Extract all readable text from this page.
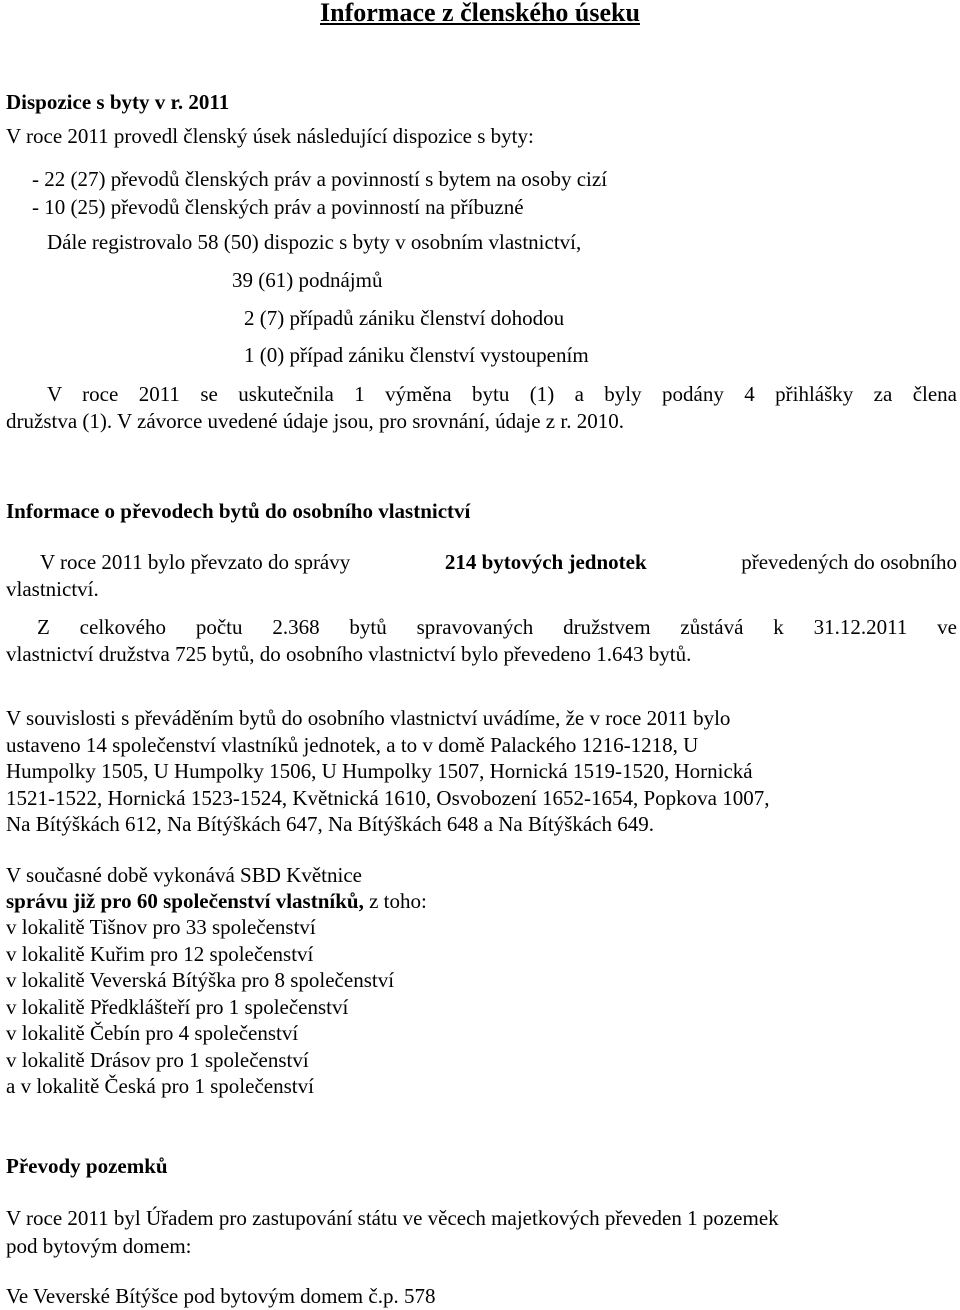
Informace z členského úseku
Dispozice s byty v r. 2011
V roce 2011 provedl členský úsek následující dispozice s byty:
- 22 (27) převodů členských práv a povinností s bytem na osoby cizí
- 10 (25) převodů členských práv a povinností na příbuzné
Dále registrovalo 58 (50) dispozic s byty v osobním vlastnictví,
39 (61) podnájmů
2 (7) případů zániku členství dohodou
1 (0) případ zániku členství vystoupením
V roce 2011 se uskutečnila 1 výměna bytu (1) a byly podány 4 přihlášky za člena
družstva (1). V závorce uvedené údaje jsou, pro srovnání, údaje z r. 2010.
Informace o převodech bytů do osobního vlastnictví
V roce 2011 bylo převzato do správy	214 bytových jednotek	převedených do osobního
vlastnictví.
Z celkového počtu 2.368 bytů spravovaných družstvem zůstává k 31.12.2011 ve
vlastnictví družstva 725 bytů, do osobního vlastnictví bylo převedeno 1.643 bytů.
V souvislosti s převáděním bytů do osobního vlastnictví uvádíme, že v roce 2011 bylo
ustaveno 14 společenství vlastníků jednotek, a to v domě Palackého 1216-1218, U
Humpolky 1505, U Humpolky 1506, U Humpolky 1507, Hornická 1519-1520, Hornická
1521-1522, Hornická 1523-1524, Květnická 1610, Osvobození 1652-1654, Popkova 1007,
Na Bítýškách 612, Na Bítýškách 647, Na Bítýškách 648 a Na Bítýškách 649.
V současné době vykonává SBD Květnice
správu již pro 60 společenství vlastníků, z toho:
v lokalitě Tišnov pro 33 společenství
v lokalitě Kuřim pro 12 společenství
v lokalitě Veverská Bítýška pro 8 společenství
v lokalitě Předklášteří pro 1 společenství
v lokalitě Čebín pro 4 společenství
v lokalitě Drásov pro 1 společenství
a v lokalitě Česká pro 1 společenství
Převody pozemků
V roce 2011 byl Úřadem pro zastupování státu ve věcech majetkových převeden 1 pozemek
pod bytovým domem:
Ve Veverské Bítýšce pod bytovým domem č.p. 578
